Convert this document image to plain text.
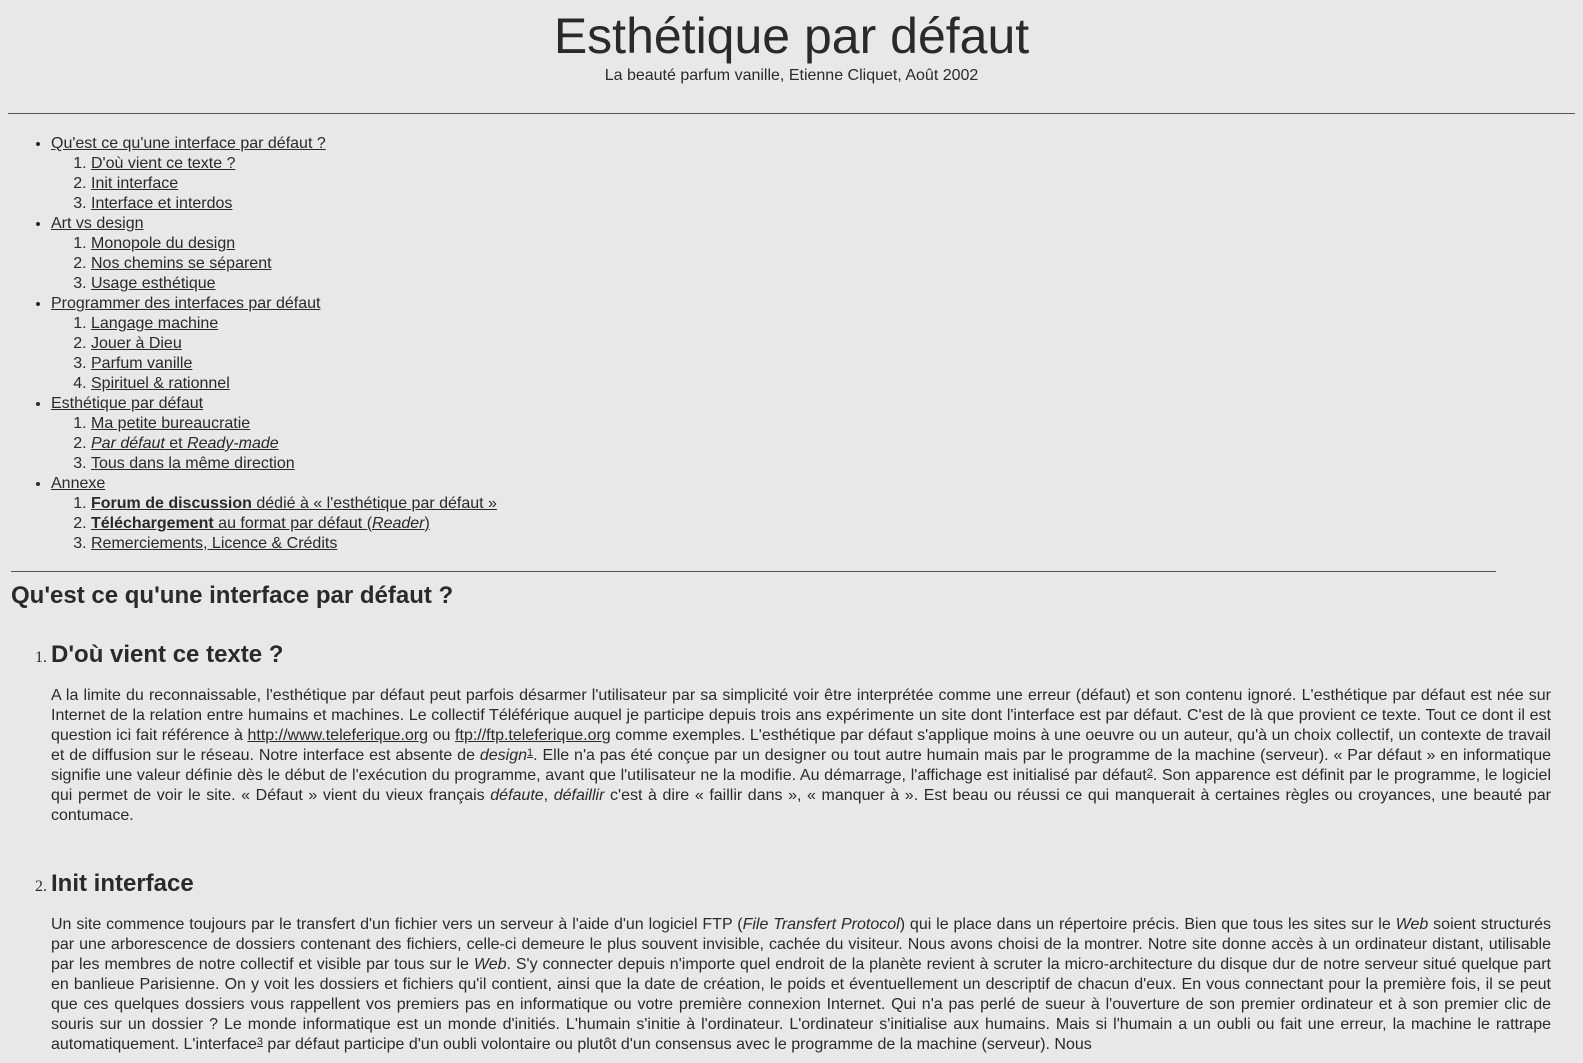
Esthétique par défaut

La beauté parfum vanille, Etienne Cliquet, Août 2002

• Qu'est ce qu'une interface par défaut ?
1. D'où vient ce texte ?
2. Init interface
3. Interface et interdos
• Art vs design
1. Monopole du design
2. Nos chemins se séparent
3. Usage esthétique
• Programmer des interfaces par défaut
1. Langage machine
2. Jouer à Dieu
3. Parfum vanille
4. Spirituel & rationnel
• Esthétique par défaut
1. Ma petite bureaucratie
2. Par défaut et Ready-made
3. Tous dans la même direction
• Annexe
1. Forum de discussion dédié à « l'esthétique par défaut »
2. Téléchargement au format par défaut (Reader)
3. Remerciements, Licence & Crédits
Qu'est ce qu'une interface par défaut ?
1. D'où vient ce texte ?

A la limite du reconnaissable, l'esthétique par défaut peut parfois désarmer l'utilisateur par sa simplicité voir être interprétée comme une erreur (défaut) et son contenu ignoré. L'esthétique par défaut est née sur Internet de la relation entre humains et machines. Le collectif Téléférique auquel je participe depuis trois ans expérimente un site dont l'interface est par défaut. C'est de là que provient ce texte. Tout ce dont il est question ici fait référence à http://www.teleferique.org ou ftp://ftp.teleferique.org comme exemples. L'esthétique par défaut s'applique moins à une oeuvre ou un auteur, qu'à un choix collectif, un contexte de travail et de diffusion sur le réseau. Notre interface est absente de design$^1$. Elle n'a pas été conçue par un designer ou tout autre humain mais par le programme de la machine (serveur). « Par défaut » en informatique signifie une valeur définie dès le début de l'exécution du programme, avant que l'utilisateur ne la modifie. Au démarrage, l'affichage est initialisé par défaut$^2$. Son apparence est définit par le programme, le logiciel qui permet de voir le site. « Défaut » vient du vieux français défaute, défaillir c'est à dire « faillir dans », « manquer à ». Est beau ou réussi ce qui manquerait à certaines règles ou croyances, une beauté par contumace.

2. Init interface

Un site commence toujours par le transfert d'un fichier vers un serveur à l'aide d'un logiciel FTP (File Transfert Protocol) qui le place dans un répertoire précis. Bien que tous les sites sur le Web soient structurés par une arborescence de dossiers contenant des fichiers, celle-ci demeure le plus souvent invisible, cachée du visiteur. Nous avons choisi de la montrer. Notre site donne accès à un ordinateur distant, utilisable par les membres de notre collectif et visible par tous sur le Web. S'y connecter depuis n'importe quel endroit de la planète revient à scruter la micro-architecture du disque dur de notre serveur situé quelque part en banlieue Parisienne. On y voit les dossiers et fichiers qu'il contient, ainsi que la date de création, le poids et éventuellement un descriptif de chacun d'eux. En vous connectant pour la première fois, il se peut que ces quelques dossiers vous rappellent vos premiers pas en informatique ou votre première connexion Internet. Qui n'a pas perlé de sueur à l'ouverture de son premier ordinateur et à son premier clic de souris sur un dossier ? Le monde informatique est un monde d'initiés. L'humain s'initie à l'ordinateur. L'ordinateur s'initialise aux humains. Mais si l'humain a un oubli ou fait une erreur, la machine le rattrape automatiquement. L'interface$^3$ par défaut participe d'un oubli volontaire ou plutôt d'un consensus avec le programme de la machine (serveur). Nous
